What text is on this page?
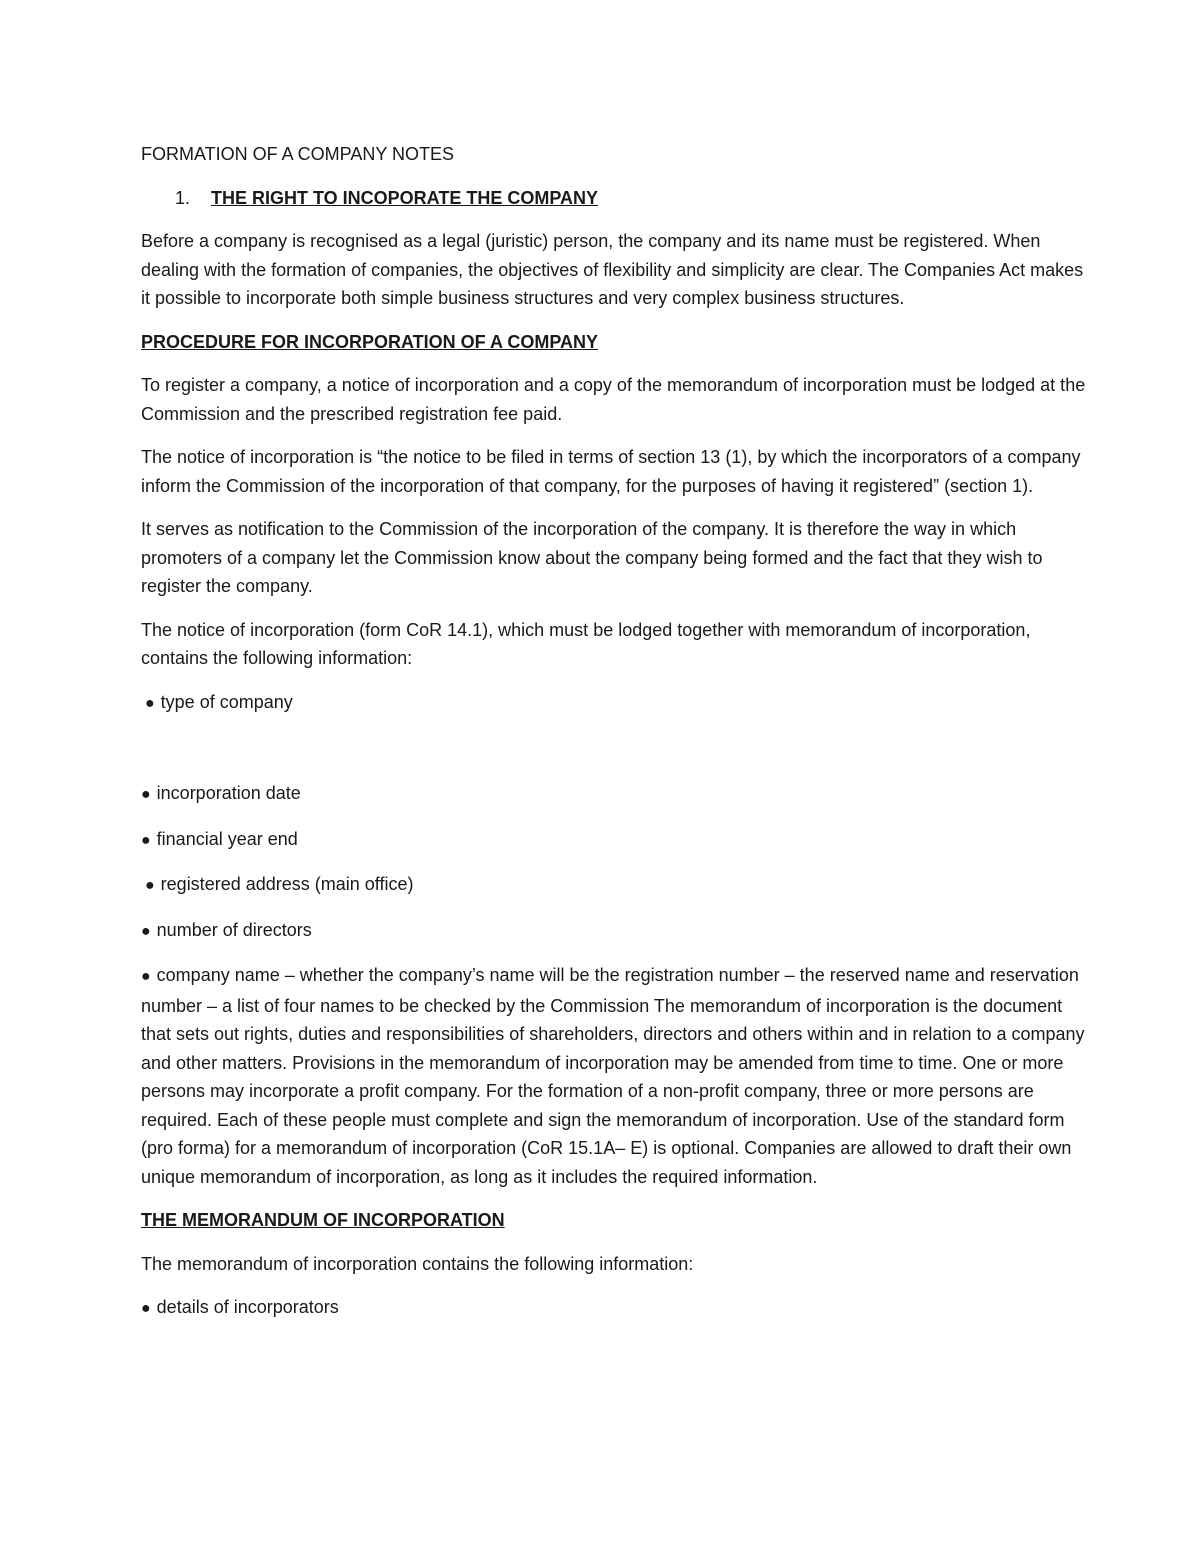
FORMATION OF A COMPANY NOTES

1.	THE RIGHT TO INCOPORATE THE COMPANY

Before a company is recognised as a legal (juristic) person, the company and its name must be registered. When dealing with the formation of companies, the objectives of flexibility and simplicity are clear. The Companies Act makes it possible to incorporate both simple business structures and very complex business structures.

PROCEDURE FOR INCORPORATION OF A COMPANY

To register a company, a notice of incorporation and a copy of the memorandum of incorporation must be lodged at the Commission and the prescribed registration fee paid.

The notice of incorporation is “the notice to be filed in terms of section 13 (1), by which the incorporators of a company inform the Commission of the incorporation of that company, for the purposes of having it registered” (section 1).

It serves as notification to the Commission of the incorporation of the company. It is therefore the way in which promoters of a company let the Commission know about the company being formed and the fact that they wish to register the company.

The notice of incorporation (form CoR 14.1), which must be lodged together with memorandum of incorporation, contains the following information:

● type of company

● incorporation date

● financial year end

● registered address (main office)

● number of directors

● company name – whether the company’s name will be the registration number – the reserved name and reservation number – a list of four names to be checked by the Commission The memorandum of incorporation is the document that sets out rights, duties and responsibilities of shareholders, directors and others within and in relation to a company and other matters. Provisions in the memorandum of incorporation may be amended from time to time. One or more persons may incorporate a profit company. For the formation of a non-profit company, three or more persons are required. Each of these people must complete and sign the memorandum of incorporation. Use of the standard form (pro forma) for a memorandum of incorporation (CoR 15.1A– E) is optional. Companies are allowed to draft their own unique memorandum of incorporation, as long as it includes the required information.

THE MEMORANDUM OF INCORPORATION

The memorandum of incorporation contains the following information:

● details of incorporators
